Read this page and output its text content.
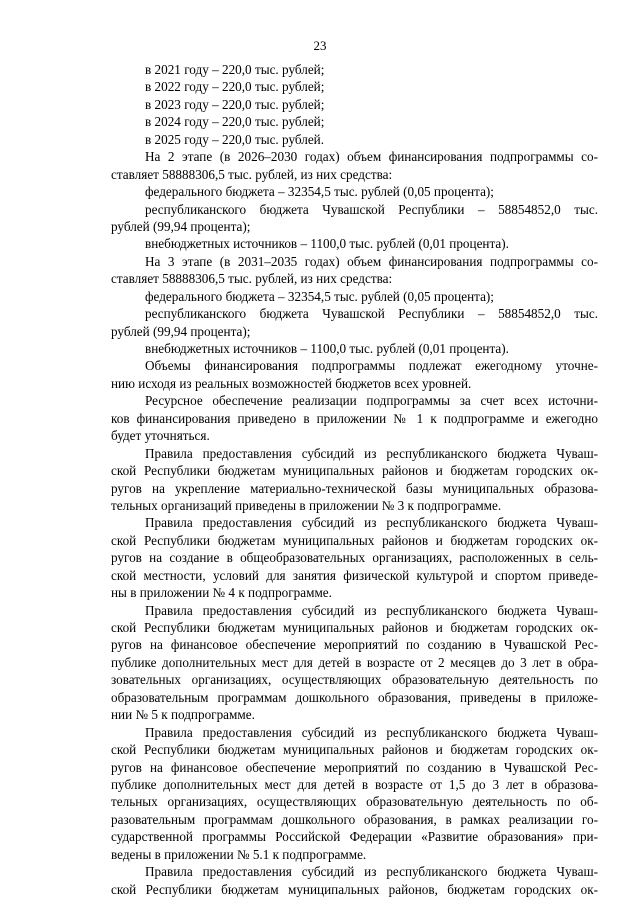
23
в 2021 году – 220,0 тыс. рублей;
в 2022 году – 220,0 тыс. рублей;
в 2023 году – 220,0 тыс. рублей;
в 2024 году – 220,0 тыс. рублей;
в 2025 году – 220,0 тыс. рублей.
На 2 этапе (в 2026–2030 годах) объем финансирования подпрограммы со-
ставляет 58888306,5 тыс. рублей, из них средства:
федерального бюджета – 32354,5 тыс. рублей (0,05 процента);
республиканского бюджета Чувашской Республики – 58854852,0 тыс.
рублей (99,94 процента);
внебюджетных источников – 1100,0 тыс. рублей (0,01 процента).
На 3 этапе (в 2031–2035 годах) объем финансирования подпрограммы со-
ставляет 58888306,5 тыс. рублей, из них средства:
федерального бюджета – 32354,5 тыс. рублей (0,05 процента);
республиканского бюджета Чувашской Республики – 58854852,0 тыс.
рублей (99,94 процента);
внебюджетных источников – 1100,0 тыс. рублей (0,01 процента).
Объемы финансирования подпрограммы подлежат ежегодному уточне-
нию исходя из реальных возможностей бюджетов всех уровней.
Ресурсное обеспечение реализации подпрограммы за счет всех источни-
ков финансирования приведено в приложении № 1 к подпрограмме и ежегодно
будет уточняться.
Правила предоставления субсидий из республиканского бюджета Чуваш-
ской Республики бюджетам муниципальных районов и бюджетам городских ок-
ругов на укрепление материально-технической базы муниципальных образова-
тельных организаций приведены в приложении № 3 к подпрограмме.
Правила предоставления субсидий из республиканского бюджета Чуваш-
ской Республики бюджетам муниципальных районов и бюджетам городских ок-
ругов на создание в общеобразовательных организациях, расположенных в сель-
ской местности, условий для занятия физической культурой и спортом приведе-
ны в приложении № 4 к подпрограмме.
Правила предоставления субсидий из республиканского бюджета Чуваш-
ской Республики бюджетам муниципальных районов и бюджетам городских ок-
ругов на финансовое обеспечение мероприятий по созданию в Чувашской Рес-
публике дополнительных мест для детей в возрасте от 2 месяцев до 3 лет в обра-
зовательных организациях, осуществляющих образовательную деятельность по
образовательным программам дошкольного образования, приведены в приложе-
нии № 5 к подпрограмме.
Правила предоставления субсидий из республиканского бюджета Чуваш-
ской Республики бюджетам муниципальных районов и бюджетам городских ок-
ругов на финансовое обеспечение мероприятий по созданию в Чувашской Рес-
публике дополнительных мест для детей в возрасте от 1,5 до 3 лет в образова-
тельных организациях, осуществляющих образовательную деятельность по об-
разовательным программам дошкольного образования, в рамках реализации го-
сударственной программы Российской Федерации «Развитие образования» при-
ведены в приложении № 5.1 к подпрограмме.
Правила предоставления субсидий из республиканского бюджета Чуваш-
ской Республики бюджетам муниципальных районов, бюджетам городских ок-
